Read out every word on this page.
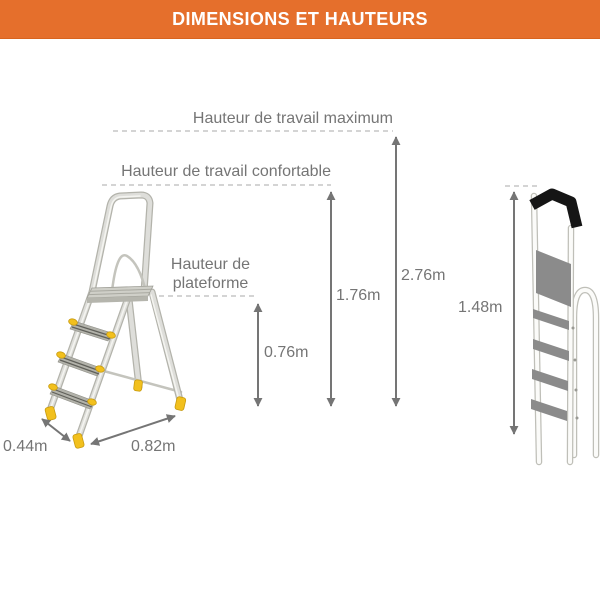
DIMENSIONS ET HAUTEURS
Hauteur de travail maximum
Hauteur de travail confortable
Hauteur de plateforme
0.76m
1.76m
2.76m
1.48m
0.44m	0.82m
